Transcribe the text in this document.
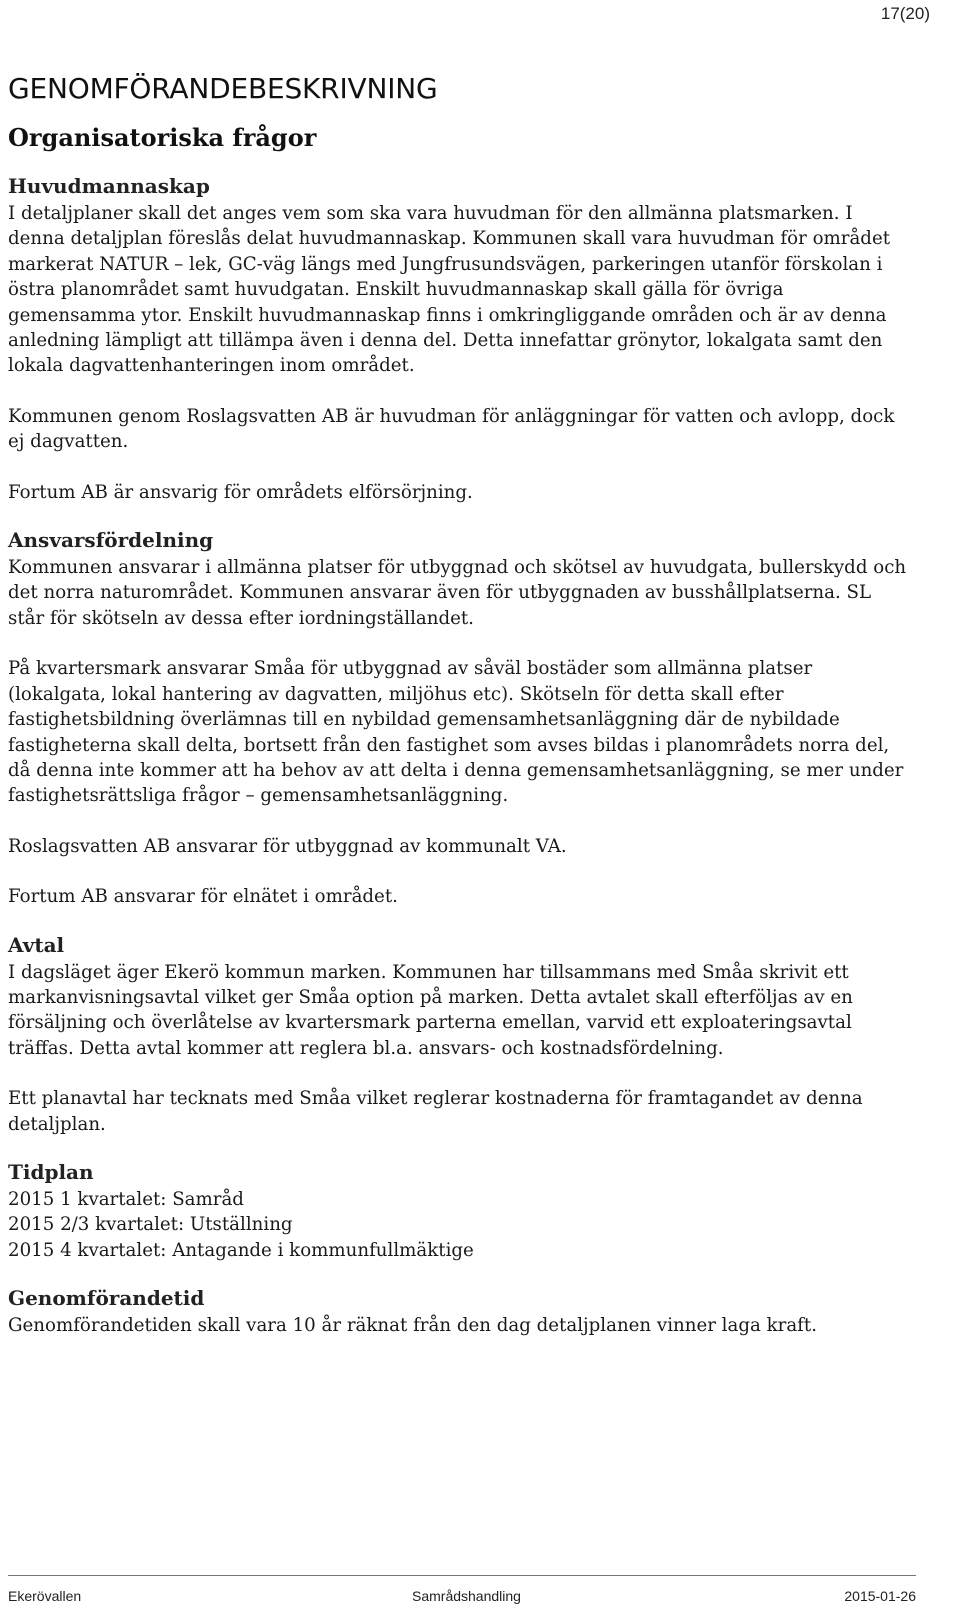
17(20)
GENOMFÖRANDEBESKRIVNING
Organisatoriska frågor
Huvudmannaskap

I detaljplaner skall det anges vem som ska vara huvudman för den allmänna platsmarken. I denna detaljplan föreslås delat huvudmannaskap. Kommunen skall vara huvudman för området markerat NATUR – lek, GC-väg längs med Jungfrusundsvägen, parkeringen utanför förskolan i östra planområdet samt huvudgatan. Enskilt huvudmannaskap skall gälla för övriga gemensamma ytor. Enskilt huvudmannaskap finns i omkringliggande områden och är av denna anledning lämpligt att tillämpa även i denna del. Detta innefattar grönytor, lokalgata samt den lokala dagvattenhanteringen inom området.

Kommunen genom Roslagsvatten AB är huvudman för anläggningar för vatten och avlopp, dock ej dagvatten.

Fortum AB är ansvarig för områdets elförsörjning.

Ansvarsfördelning

Kommunen ansvarar i allmänna platser för utbyggnad och skötsel av huvudgata, bullerskydd och det norra naturområdet. Kommunen ansvarar även för utbyggnaden av busshållplatserna. SL står för skötseln av dessa efter iordningställandet.

På kvartersmark ansvarar Småa för utbyggnad av såväl bostäder som allmänna platser (lokalgata, lokal hantering av dagvatten, miljöhus etc). Skötseln för detta skall efter fastighetsbildning överlämnas till en nybildad gemensamhetsanläggning där de nybildade fastigheterna skall delta, bortsett från den fastighet som avses bildas i planområdets norra del, då denna inte kommer att ha behov av att delta i denna gemensamhetsanläggning, se mer under fastighetsrättsliga frågor – gemensamhetsanläggning.

Roslagsvatten AB ansvarar för utbyggnad av kommunalt VA.

Fortum AB ansvarar för elnätet i området.

Avtal

I dagsläget äger Ekerö kommun marken. Kommunen har tillsammans med Småa skrivit ett markanvisningsavtal vilket ger Småa option på marken. Detta avtalet skall efterföljas av en försäljning och överlåtelse av kvartersmark parterna emellan, varvid ett exploateringsavtal träffas. Detta avtal kommer att reglera bl.a. ansvars- och kostnadsfördelning.

Ett planavtal har tecknats med Småa vilket reglerar kostnaderna för framtagandet av denna detaljplan.

Tidplan

2015 1 kvartalet: Samråd
2015 2/3 kvartalet: Utställning
2015 4 kvartalet: Antagande i kommunfullmäktige

Genomförandetid

Genomförandetiden skall vara 10 år räknat från den dag detaljplanen vinner laga kraft.

Ekerövallen	Samrådshandling	2015-01-26
